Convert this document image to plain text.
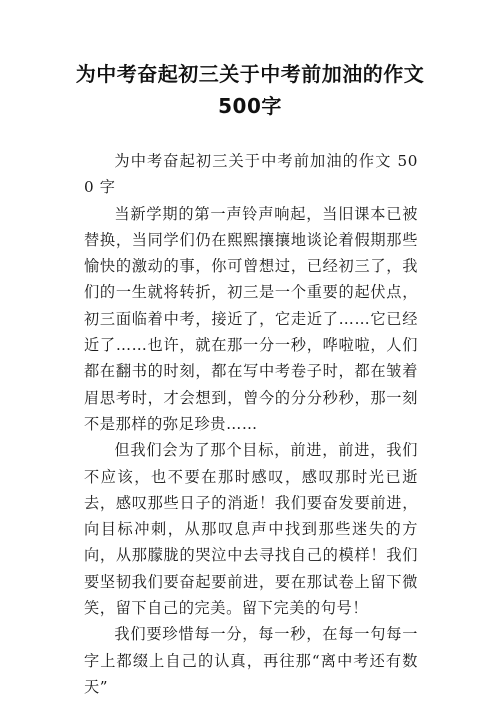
为中考奋起初三关于中考前加油的作文500字

为中考奋起初三关于中考前加油的作文 500 字

当新学期的第一声铃声响起，当旧课本已被替换，当同学们仍在熙熙攘攘地谈论着假期那些愉快的激动的事，你可曾想过，已经初三了，我们的一生就将转折，初三是一个重要的起伏点，初三面临着中考，接近了，它走近了……它已经近了……也许，就在那一分一秒，哗啦啦，人们都在翻书的时刻，都在写中考卷子时，都在皱着眉思考时，才会想到，曾今的分分秒秒，那一刻不是那样的弥足珍贵……

但我们会为了那个目标，前进，前进，我们不应该，也不要在那时感叹，感叹那时光已逝去，感叹那些日子的消逝！我们要奋发要前进，向目标冲刺，从那叹息声中找到那些迷失的方向，从那朦胧的哭泣中去寻找自己的模样！我们要坚韧我们要奋起要前进，要在那试卷上留下微笑，留下自己的完美。留下完美的句号！

我们要珍惜每一分，每一秒，在每一句每一字上都缀上自己的认真，再往那“离中考还有数天”
